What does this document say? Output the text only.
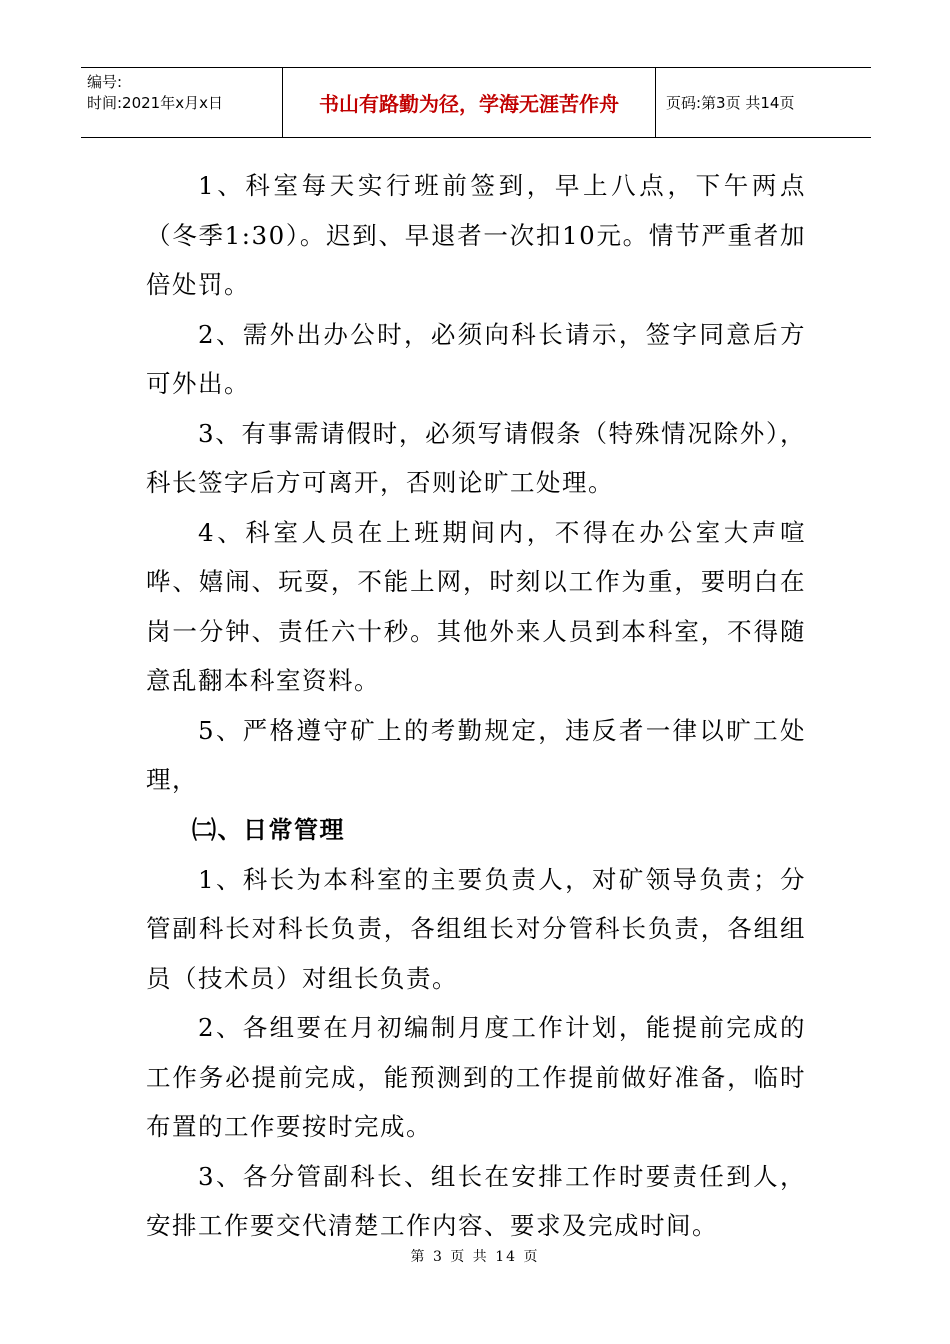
编号:
时间:2021年x月x日	书山有路勤为径，学海无涯苦作舟	页码:第3页 共14页

1、科室每天实行班前签到，早上八点，下午两点（冬季1:30）。迟到、早退者一次扣10元。情节严重者加倍处罚。

2、需外出办公时，必须向科长请示，签字同意后方可外出。

3、有事需请假时，必须写请假条（特殊情况除外），科长签字后方可离开，否则论旷工处理。

4、科室人员在上班期间内，不得在办公室大声喧哗、嬉闹、玩耍，不能上网，时刻以工作为重，要明白在岗一分钟、责任六十秒。其他外来人员到本科室，不得随意乱翻本科室资料。

5、严格遵守矿上的考勤规定，违反者一律以旷工处理，

㈡、日常管理

1、科长为本科室的主要负责人，对矿领导负责；分管副科长对科长负责，各组组长对分管科长负责，各组组员（技术员）对组长负责。

2、各组要在月初编制月度工作计划，能提前完成的工作务必提前完成，能预测到的工作提前做好准备，临时布置的工作要按时完成。

3、各分管副科长、组长在安排工作时要责任到人，安排工作要交代清楚工作内容、要求及完成时间。

第 3 页 共 14 页
